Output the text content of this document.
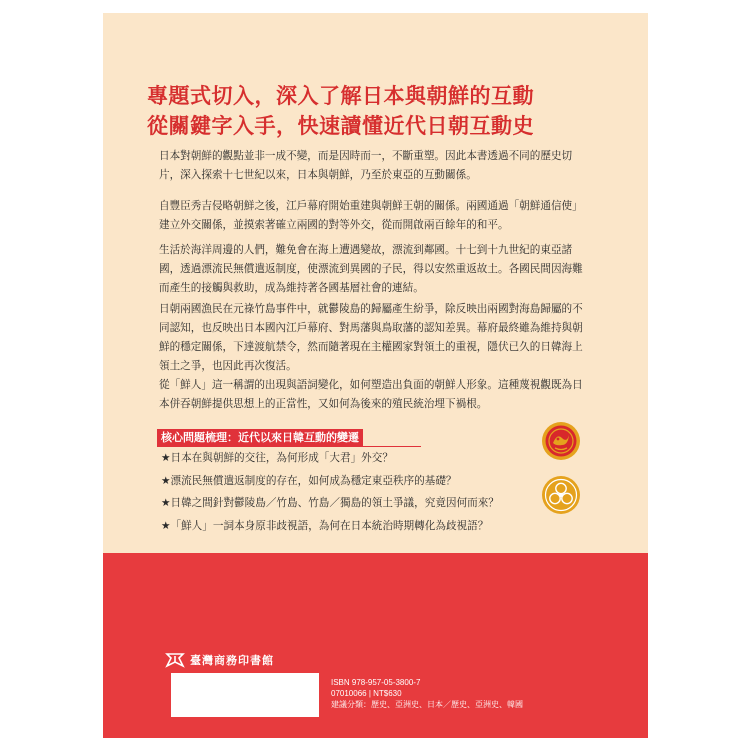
專題式切入，深入了解日本與朝鮮的互動
從關鍵字入手，快速讀懂近代日朝互動史

日本對朝鮮的觀點並非一成不變，而是因時而一，不斷重塑。因此本書透過不同的歷史切片，深入探索十七世紀以來，日本與朝鮮，乃至於東亞的互動關係。

自豐臣秀吉侵略朝鮮之後，江戶幕府開始重建與朝鮮王朝的關係。兩國通過「朝鮮通信使」建立外交關係，並摸索著確立兩國的對等外交，從而開啟兩百餘年的和平。

生活於海洋周邊的人們，難免會在海上遭遇變故，漂流到鄰國。十七到十九世紀的東亞諸國，透過漂流民無償遣返制度，使漂流到異國的子民，得以安然重返故土。各國民間因海難而產生的接觸與救助，成為維持著各國基層社會的連結。

日朝兩國漁民在元祿竹島事件中，就鬱陵島的歸屬產生紛爭，除反映出兩國對海島歸屬的不同認知，也反映出日本國內江戶幕府、對馬藩與鳥取藩的認知差異。幕府最終雖為維持與朝鮮的穩定關係，下達渡航禁令，然而隨著現在主權國家對領土的重視，隱伏已久的日韓海上領土之爭，也因此再次復活。

從「鮮人」這一稱謂的出現與語詞變化，如何塑造出負面的朝鮮人形象。這種蔑視觀既為日本併吞朝鮮提供思想上的正當性，又如何為後來的殖民統治埋下禍根。

核心問題梳理：近代以來日韓互動的變遷
★日本在與朝鮮的交往，為何形成「大君」外交？
★漂流民無償遣返制度的存在，如何成為穩定東亞秩序的基礎？
★日韓之間針對鬱陵島／竹島、竹島／獨島的領土爭議，究竟因何而來？
★「鮮人」一詞本身原非歧視語，為何在日本統治時期轉化為歧視語？
臺灣商務印書館
ISBN 978-957-05-3800-7
07010066 | NT$630
建議分類：歷史、亞洲史、日本／歷史、亞洲史、韓國
